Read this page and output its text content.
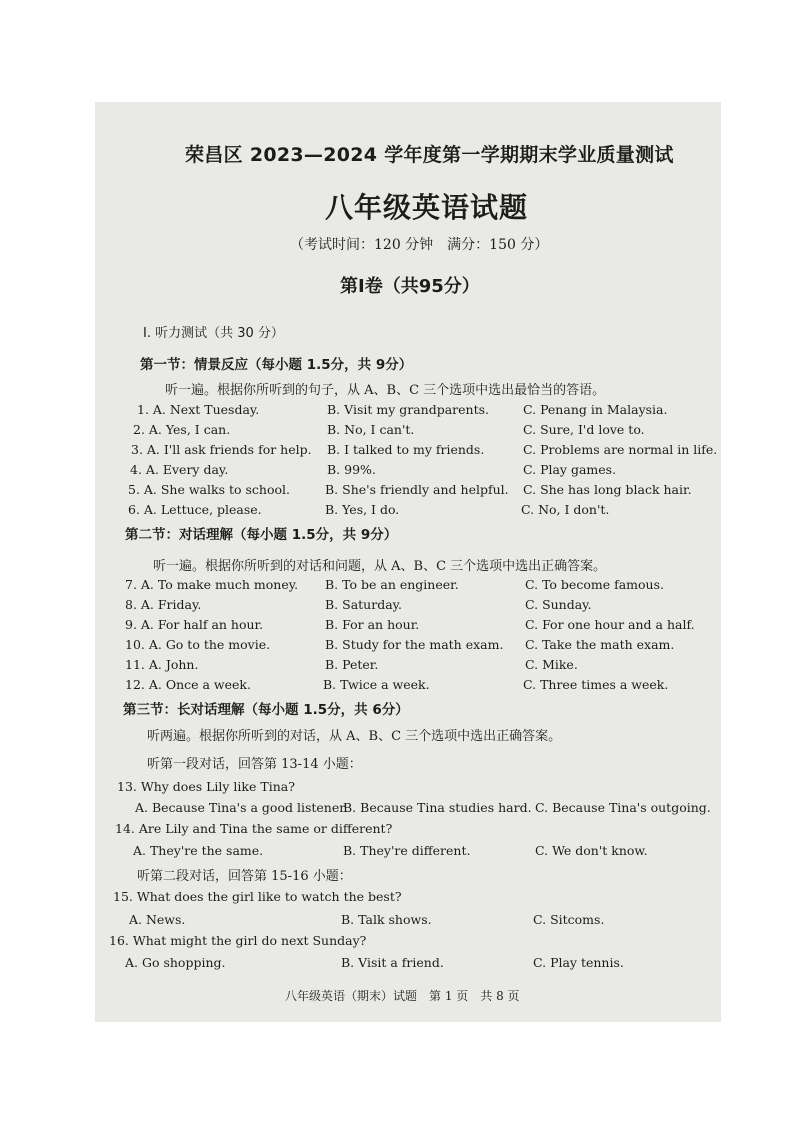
荣昌区 2023—2024 学年度第一学期期末学业质量测试
八年级英语试题
（考试时间：120 分钟　满分：150 分）
第Ⅰ卷（共95分）
I. 听力测试（共 30 分）
第一节：情景反应（每小题 1.5分，共 9分）
听一遍。根据你所听到的句子，从 A、B、C 三个选项中选出最恰当的答语。
1. A. Next Tuesday.	B. Visit my grandparents.	C. Penang in Malaysia.
2. A. Yes, I can.	B. No, I can't.	C. Sure, I'd love to.
3. A. I'll ask friends for help. B. I talked to my friends.	C. Problems are normal in life.
4. A. Every day.	B. 99%.	C. Play games.
5. A. She walks to school.	B. She's friendly and helpful. C. She has long black hair.
6. A. Lettuce, please.	B. Yes, I do.	C. No, I don't.
第二节：对话理解（每小题 1.5分，共 9分）
听一遍。根据你所听到的对话和问题，从 A、B、C 三个选项中选出正确答案。
7. A. To make much money. B. To be an engineer.	C. To become famous.
8. A. Friday.	B. Saturday.	C. Sunday.
9. A. For half an hour.	B. For an hour.	C. For one hour and a half.
10. A. Go to the movie.	B. Study for the math exam. C. Take the math exam.
11. A. John.	B. Peter.	C. Mike.
12. A. Once a week.	B. Twice a week.	C. Three times a week.
第三节：长对话理解（每小题 1.5分，共 6分）
听两遍。根据你所听到的对话，从 A、B、C 三个选项中选出正确答案。
听第一段对话，回答第 13-14 小题：
13. Why does Lily like Tina?
A. Because Tina's a good listener.
B. Because Tina studies hard. C. Because Tina's outgoing.
14. Are Lily and Tina the same or different?
A. They're the same.	B. They're different.	C. We don't know.
听第二段对话，回答第 15-16 小题：
15. What does the girl like to watch the best?
A. News.	B. Talk shows.	C. Sitcoms.
16. What might the girl do next Sunday?
A. Go shopping.	B. Visit a friend.	C. Play tennis.
八年级英语（期末）试题　第 1 页　共 8 页
